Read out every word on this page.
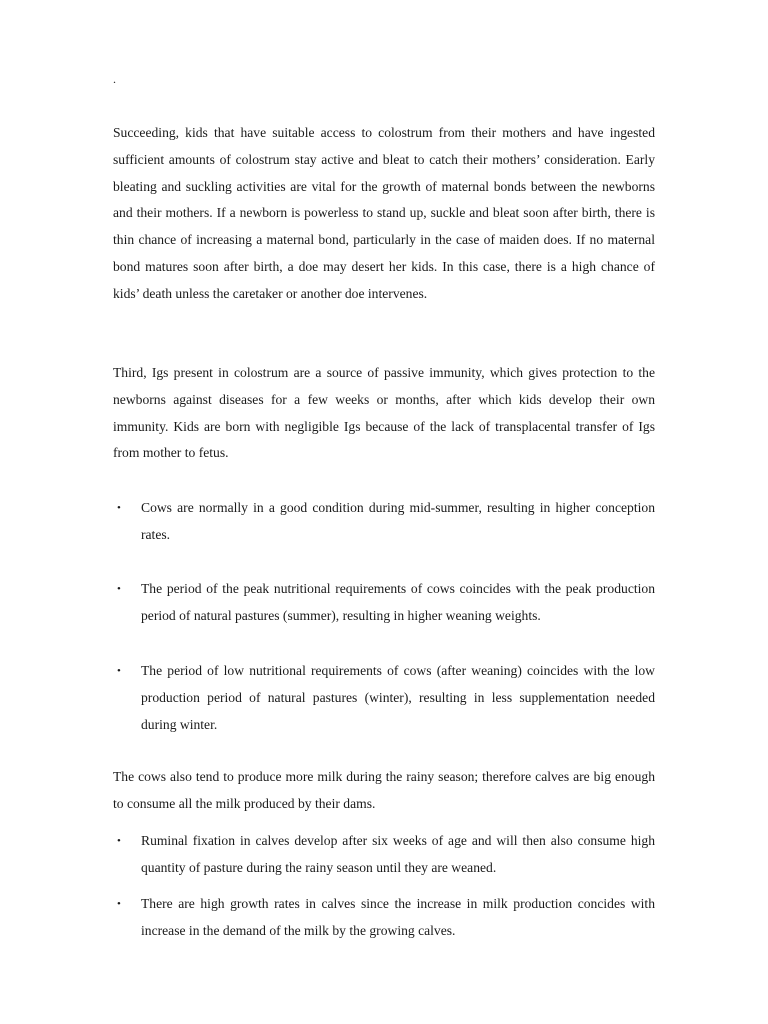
.

Succeeding, kids that have suitable access to colostrum from their mothers and have ingested sufficient amounts of colostrum stay active and bleat to catch their mothers’ consideration. Early bleating and suckling activities are vital for the growth of maternal bonds between the newborns and their mothers. If a newborn is powerless to stand up, suckle and bleat soon after birth, there is thin chance of increasing a maternal bond, particularly in the case of maiden does. If no maternal bond matures soon after birth, a doe may desert her kids. In this case, there is a high chance of kids’ death unless the caretaker or another doe intervenes.

Third, Igs present in colostrum are a source of passive immunity, which gives protection to the newborns against diseases for a few weeks or months, after which kids develop their own immunity. Kids are born with negligible Igs because of the lack of transplacental transfer of Igs from mother to fetus.

• Cows are normally in a good condition during mid-summer, resulting in higher conception rates.

• The period of the peak nutritional requirements of cows coincides with the peak production period of natural pastures (summer), resulting in higher weaning weights.

• The period of low nutritional requirements of cows (after weaning) coincides with the low production period of natural pastures (winter), resulting in less supplementation needed during winter.

The cows also tend to produce more milk during the rainy season; therefore calves are big enough to consume all the milk produced by their dams.

• Ruminal fixation in calves develop after six weeks of age and will then also consume high quantity of pasture during the rainy season until they are weaned.

• There are high growth rates in calves since the increase in milk production concides with increase in the demand of the milk by the growing calves.
